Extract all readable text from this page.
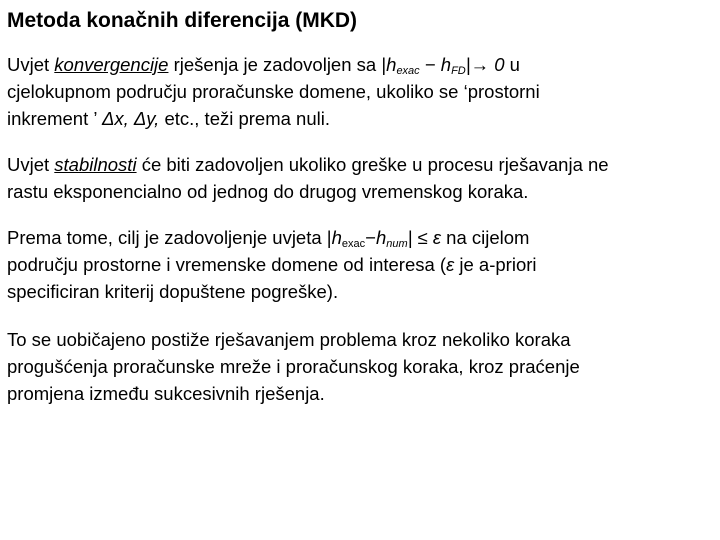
Metoda konačnih diferencija (MKD)
Uvjet konvergencije rješenja je zadovoljen sa $|h_{exac} - h_{FD}|\to 0$ u
cjelokupnom području proračunske domene, ukoliko se ‘prostorni
inkrement ’ Δx, Δy, etc., teži prema nuli.
Uvjet stabilnosti će biti zadovoljen ukoliko greške u procesu rješavanja ne
rastu eksponencialno od jednog do drugog vremenskog koraka.
Prema tome, cilj je zadovoljenje uvjeta $|h_{exac}-h_{num}| \le \varepsilon$ na cijelom
području prostorne i vremenske domene od interesa (ε je a-priori
specificiran kriterij dopuštene pogreške).
To se uobičajeno postiže rješavanjem problema kroz nekoliko koraka
progušćenja proračunske mreže i proračunskog koraka, kroz praćenje
promjena između sukcesivnih rješenja.
